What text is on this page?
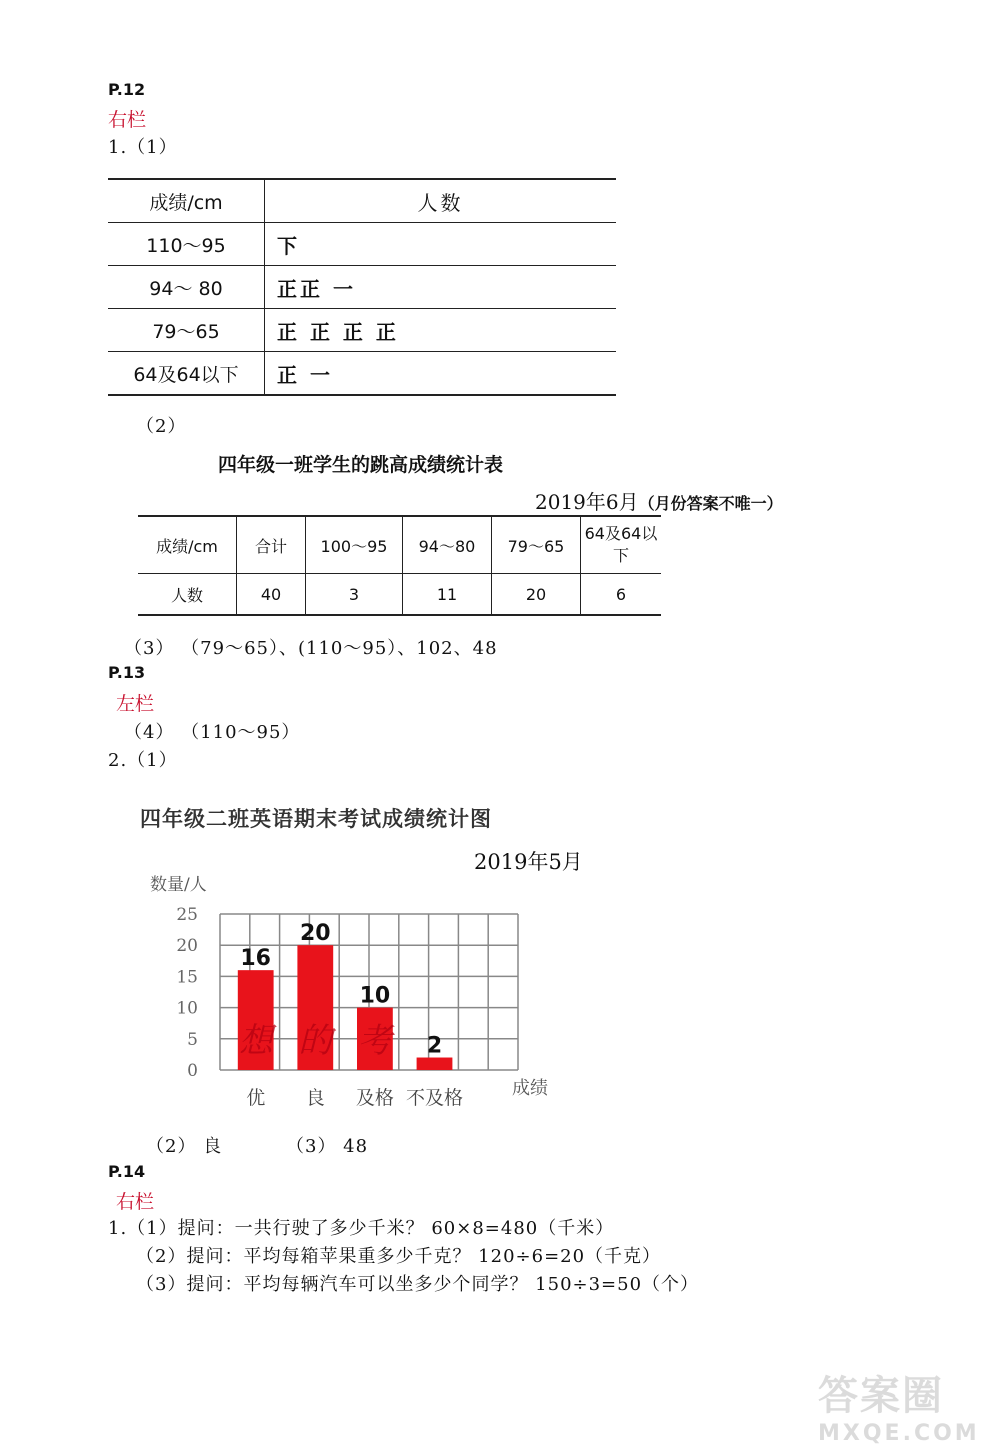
P.12
右栏
1.（1）
成绩/cm	人数
110～95	下
94～ 80	正正 一
79～65	正 正 正 正
64及64以下	正 一
（2）
四年级一班学生的跳高成绩统计表
2019年6月（月份答案不唯一）
成绩/cm	合计	100～95	94～80	79～65	64及64以下
人数	40	3	11	20	6
（3） （79～65）、(110～95）、102、48
P.13
左栏
（4） （110～95）
2.（1）
四年级二班英语期末考试成绩统计图
2019年5月
数量/人
0
5
10
15
20
25
16
想
20
的
10
考 2
优 良 及格 不及格	成绩
（2） 良	（3） 48
P.14
右栏
1.（1）提问：一共行驶了多少千米？ 60×8=480（千米）
（2）提问：平均每箱苹果重多少千克？ 120÷6=20（千克）
（3）提问：平均每辆汽车可以坐多少个同学？ 150÷3=50（个）
答案圈
MXQE.COM
